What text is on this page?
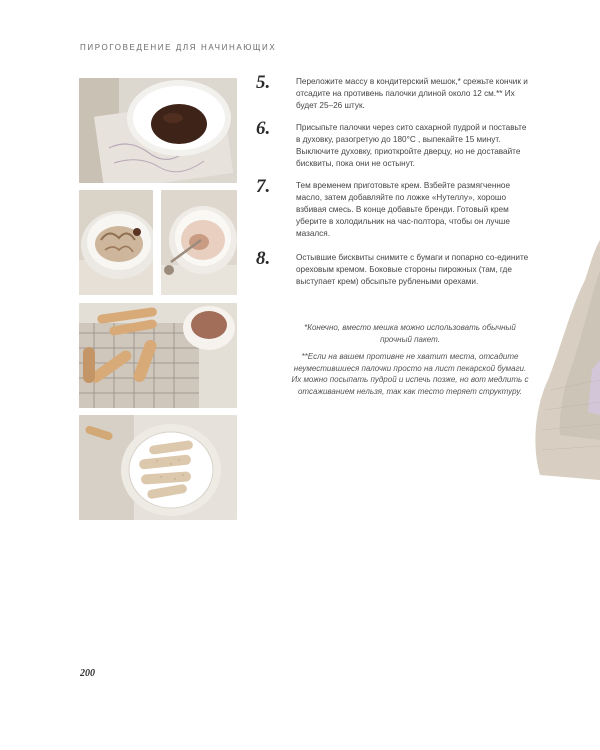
ПИРОГОВЕДЕНИЕ ДЛЯ НАЧИНАЮЩИХ
5.	Переложите массу в кондитерский мешок,* срежьте кончик и отсадите на противень палочки длиной около 12 см.** Их будет 25–26 штук.
6.	Присыпьте палочки через сито сахарной пудрой и поставьте в духовку, разогретую до 180°С , выпекайте 15 минут. Выключите духовку, приоткройте дверцу, но не доставайте бисквиты, пока они не остынут.
7.	Тем временем приготовьте крем. Взбейте размягченное масло, затем добавляйте по ложке «Нутеллу», хорошо взбивая смесь. В конце добавьте бренди. Готовый крем уберите в холодильник на час-полтора, чтобы он лучше мазался.
8.	Остывшие бисквиты снимите с бумаги и попарно со-едините ореховым кремом. Боковые стороны пирожных (там, где выступает крем) обсыпьте рублеными орехами.
*Конечно, вместо мешка можно использовать обычный прочный пакет.
**Если на вашем противне не хватит места, отсадите неуместившиеся палочки просто на лист пекарской бумаги. Их можно посыпать пудрой и испечь позже, но вот медлить с отсаживанием нельзя, так как тесто теряет структуру.
200
